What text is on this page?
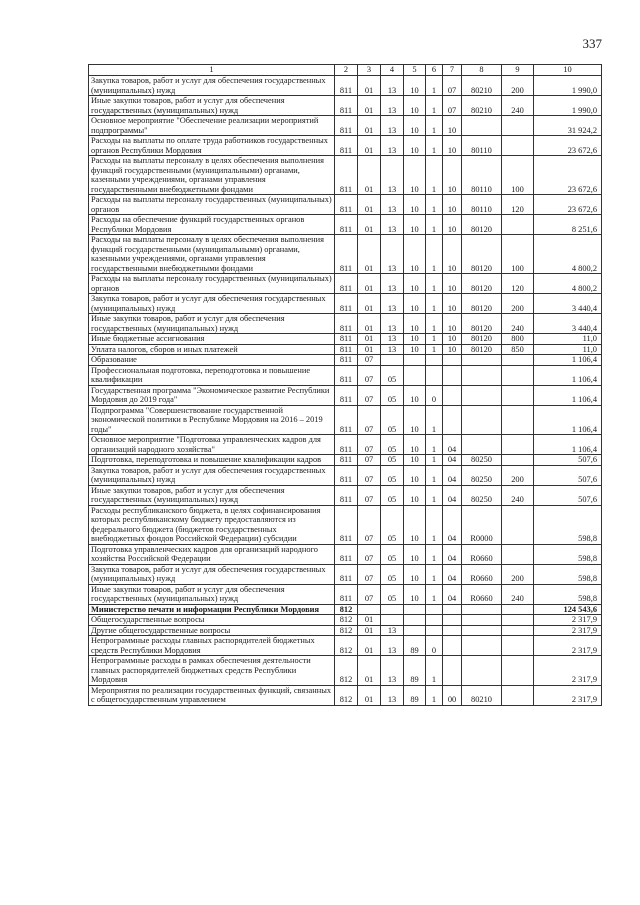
337
1	2	3	4	5	6	7	8	9	10
Закупка товаров, работ и услуг для обеспечения государственных (муниципальных) нужд	811	01	13	10	1	07	80210	200	1 990,0
Иные закупки товаров, работ и услуг для обеспечения государственных (муниципальных) нужд	811	01	13	10	1	07	80210	240	1 990,0
Основное мероприятие "Обеспечение реализации мероприятий подпрограммы"	811	01	13	10	1	10			31 924,2
Расходы на выплаты по оплате труда работников государственных органов Республики Мордовия	811	01	13	10	1	10	80110		23 672,6
Расходы на выплаты персоналу в целях обеспечения выполнения функций государственными (муниципальными) органами, казенными учреждениями, органами управления государственными внебюджетными фондами	811	01	13	10	1	10	80110	100	23 672,6
Расходы на выплаты персоналу государственных (муниципальных) органов	811	01	13	10	1	10	80110	120	23 672,6
Расходы на обеспечение функций государственных органов Республики Мордовия	811	01	13	10	1	10	80120		8 251,6
Расходы на выплаты персоналу в целях обеспечения выполнения функций государственными (муниципальными) органами, казенными учреждениями, органами управления государственными внебюджетными фондами	811	01	13	10	1	10	80120	100	4 800,2
Расходы на выплаты персоналу государственных (муниципальных) органов	811	01	13	10	1	10	80120	120	4 800,2
Закупка товаров, работ и услуг для обеспечения государственных (муниципальных) нужд	811	01	13	10	1	10	80120	200	3 440,4
Иные закупки товаров, работ и услуг для обеспечения государственных (муниципальных) нужд	811	01	13	10	1	10	80120	240	3 440,4
Иные бюджетные ассигнования	811	01	13	10	1	10	80120	800	11,0
Уплата налогов, сборов и иных платежей	811	01	13	10	1	10	80120	850	11,0
Образование	811	07							1 106,4
Профессиональная подготовка, переподготовка и повышение квалификации	811	07	05						1 106,4
Государственная программа "Экономическое развитие Республики Мордовия до 2019 года"	811	07	05	10	0				1 106,4
Подпрограмма "Совершенствование государственной экономической политики в Республике Мордовия на 2016 – 2019 годы"	811	07	05	10	1				1 106,4
Основное мероприятие "Подготовка управленческих кадров для организаций народного хозяйства"	811	07	05	10	1	04			1 106,4
Подготовка, переподготовка и повышение квалификации кадров	811	07	05	10	1	04	80250		507,6
Закупка товаров, работ и услуг для обеспечения государственных (муниципальных) нужд	811	07	05	10	1	04	80250	200	507,6
Иные закупки товаров, работ и услуг для обеспечения государственных (муниципальных) нужд	811	07	05	10	1	04	80250	240	507,6
Расходы республиканского бюджета, в целях софинансирования которых республиканскому бюджету предоставляются из федерального бюджета (бюджетов государственных внебюджетных фондов Российской Федерации) субсидии	811	07	05	10	1	04	R0000		598,8
Подготовка управленческих кадров для организаций народного хозяйства Российской Федерации	811	07	05	10	1	04	R0660		598,8
Закупка товаров, работ и услуг для обеспечения государственных (муниципальных) нужд	811	07	05	10	1	04	R0660	200	598,8
Иные закупки товаров, работ и услуг для обеспечения государственных (муниципальных) нужд	811	07	05	10	1	04	R0660	240	598,8
Министерство печати и информации Республики Мордовия	812								124 543,6
Общегосударственные вопросы	812	01							2 317,9
Другие общегосударственные вопросы	812	01	13						2 317,9
Непрограммные расходы главных распорядителей бюджетных средств Республики Мордовия	812	01	13	89	0				2 317,9
Непрограммные расходы в рамках обеспечения деятельности главных распорядителей бюджетных средств Республики Мордовия	812	01	13	89	1				2 317,9
Мероприятия по реализации государственных функций, связанных с общегосударственным управлением	812	01	13	89	1	00	80210		2 317,9
